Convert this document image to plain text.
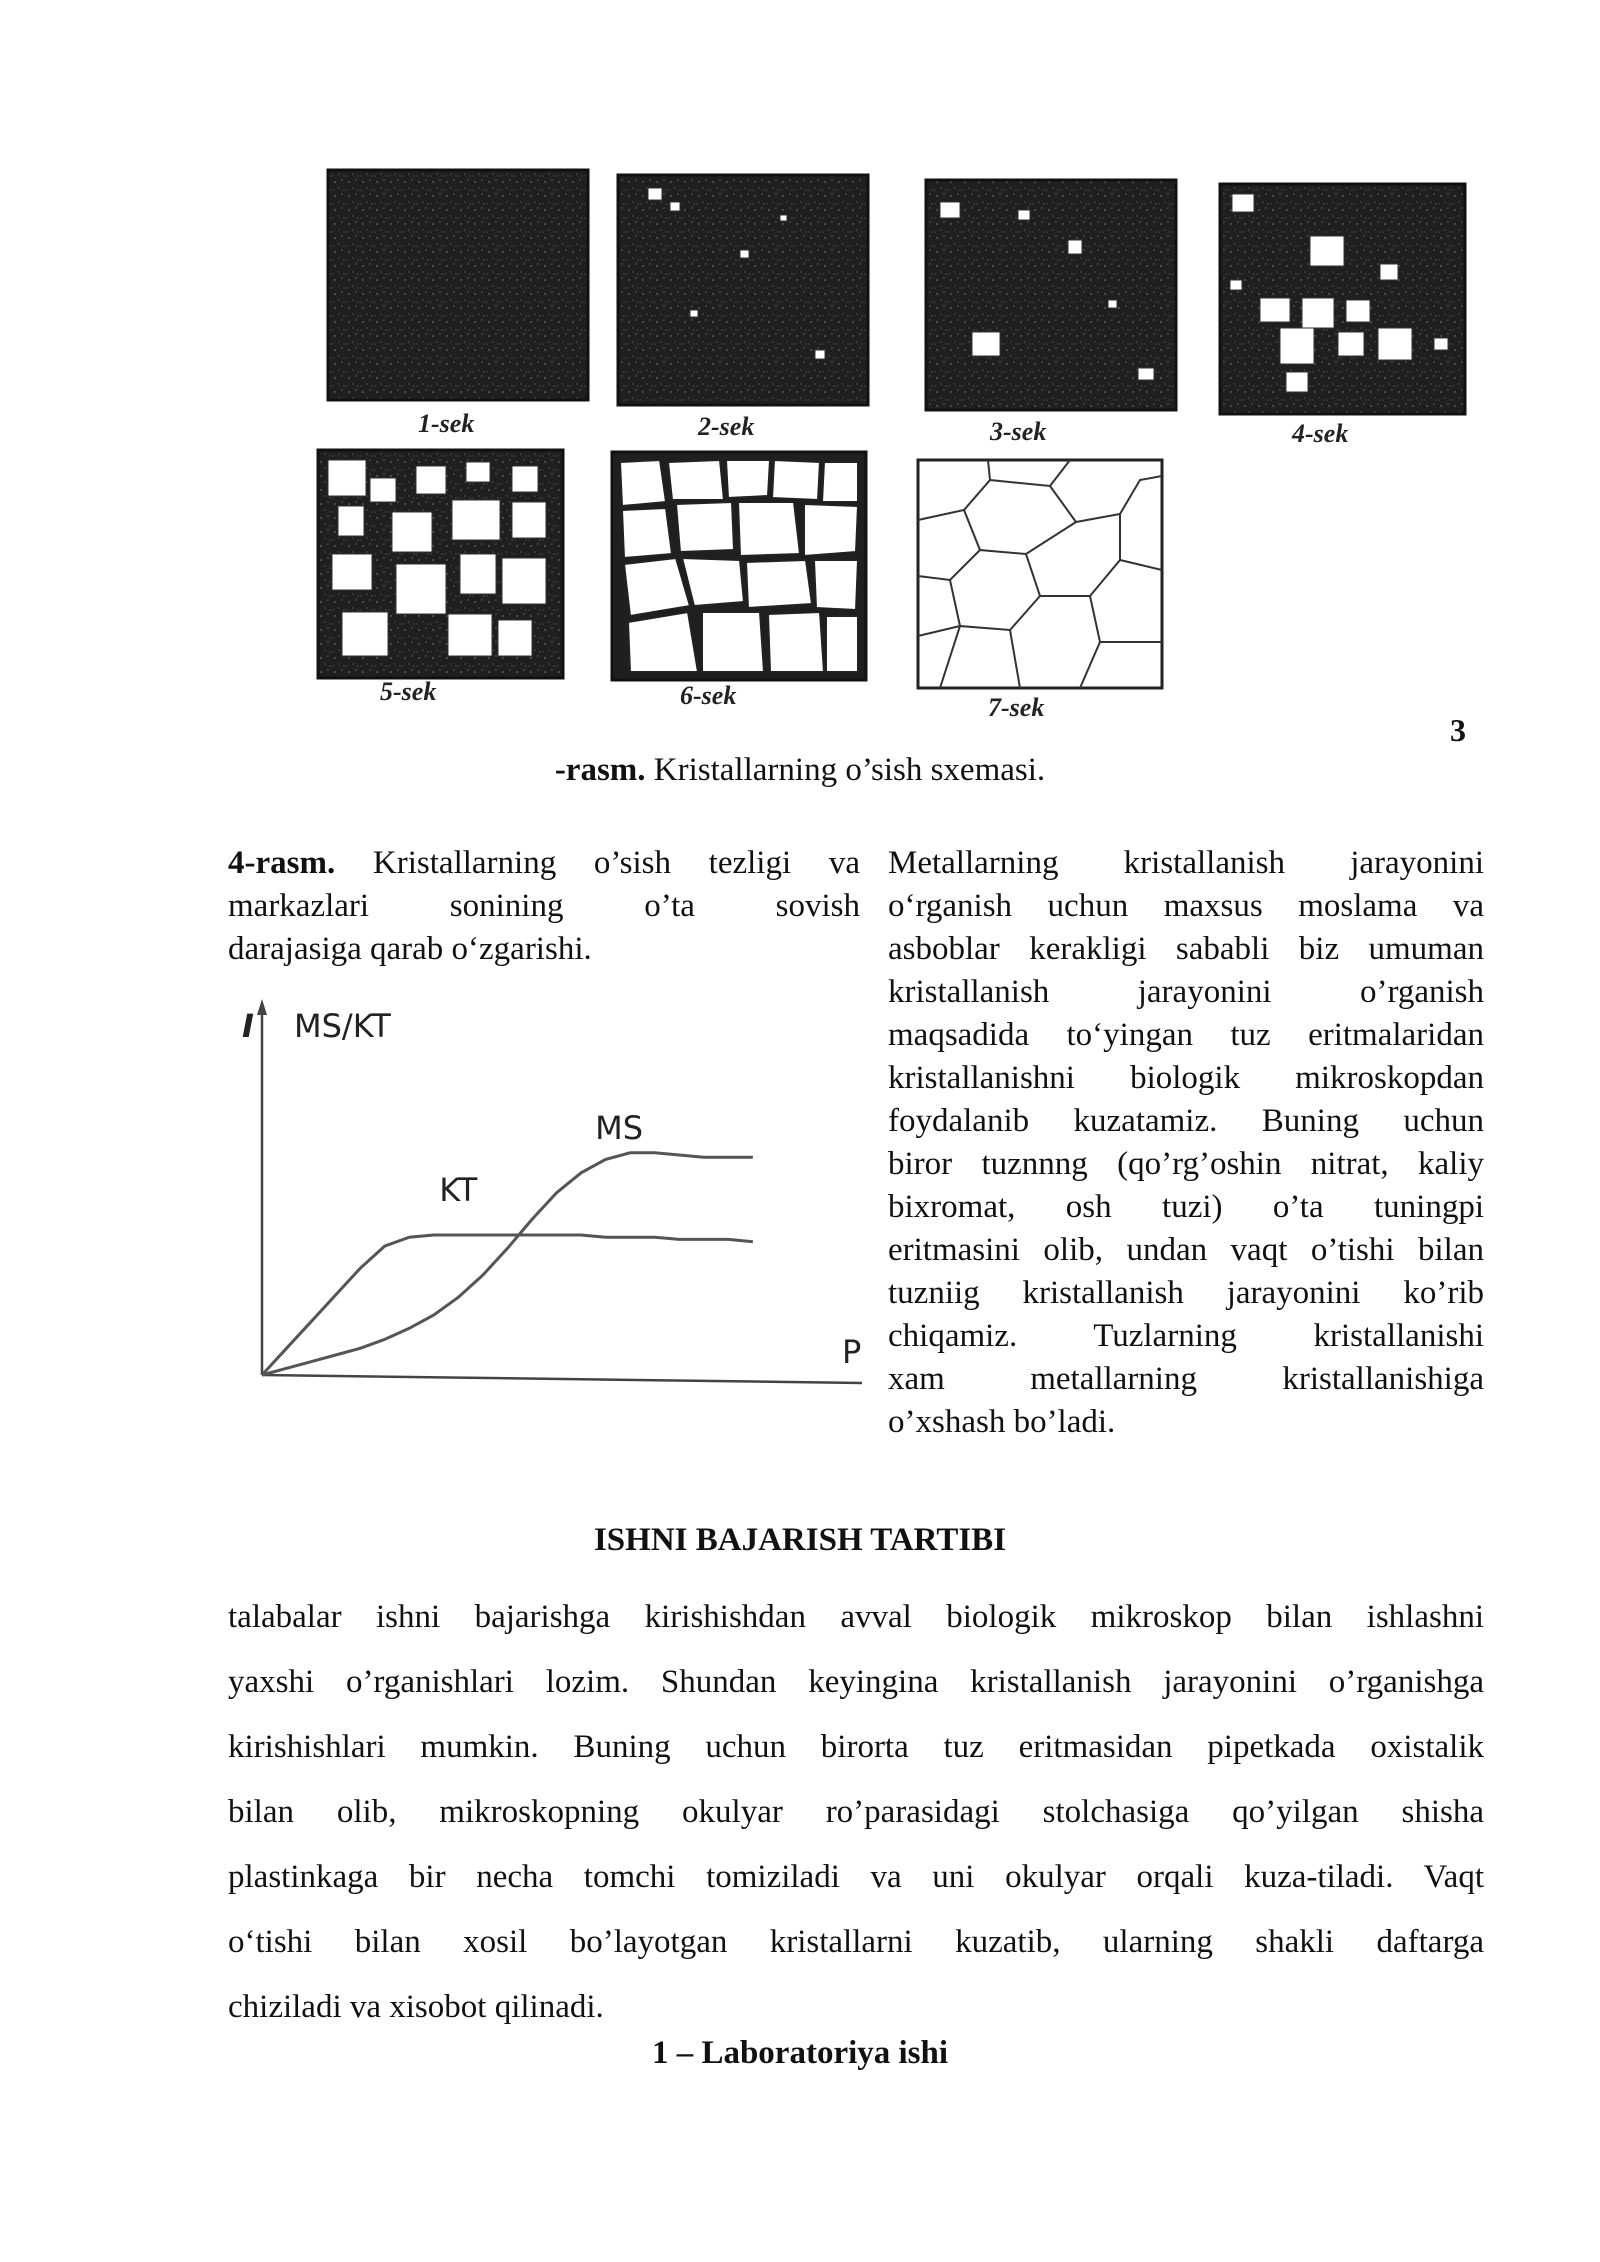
1-sek	2-sek	3-sek	4-sek
5-sek	6-sek	7-sek
3
-rasm. Kristallarning o’sish sxemasi.
4-rasm. Kristallarning o’sish tezligi va
markazlari sonining o’ta sovish
darajasiga qarab o‘zgarishi.
I MS/KT
P
MS
KT
Metallarning kristallanish jarayonini
o‘rganish uchun maxsus moslama va
asboblar kerakligi sababli biz umuman
kristallanish jarayonini o’rganish
maqsadida to‘yingan tuz eritmalaridan
kristallanishni biologik mikroskopdan
foydalanib kuzatamiz. Buning uchun
biror tuznnng (qo’rg’oshin nitrat, kaliy
bixromat, osh tuzi) o’ta tuningpi
eritmasini olib, undan vaqt o’tishi bilan
tuzniig kristallanish jarayonini ko’rib
chiqamiz. Tuzlarning kristallanishi
xam metallarning kristallanishiga
o’xshash bo’ladi.
ISHNI BAJARISH TARTIBI
talabalar ishni bajarishga kirishishdan avval biologik mikroskop bilan ishlashni
yaxshi o’rganishlari lozim. Shundan keyingina kristallanish jarayonini o’rganishga
kirishishlari mumkin. Buning uchun birorta tuz eritmasidan pipetkada oxistalik
bilan olib, mikroskopning okulyar ro’parasidagi stolchasiga qo’yilgan shisha
plastinkaga bir necha tomchi tomiziladi va uni okulyar orqali kuza-tiladi. Vaqt
o‘tishi bilan xosil bo’layotgan kristallarni kuzatib, ularning shakli daftarga
chiziladi va xisobot qilinadi.
1 – Laboratoriya ishi
